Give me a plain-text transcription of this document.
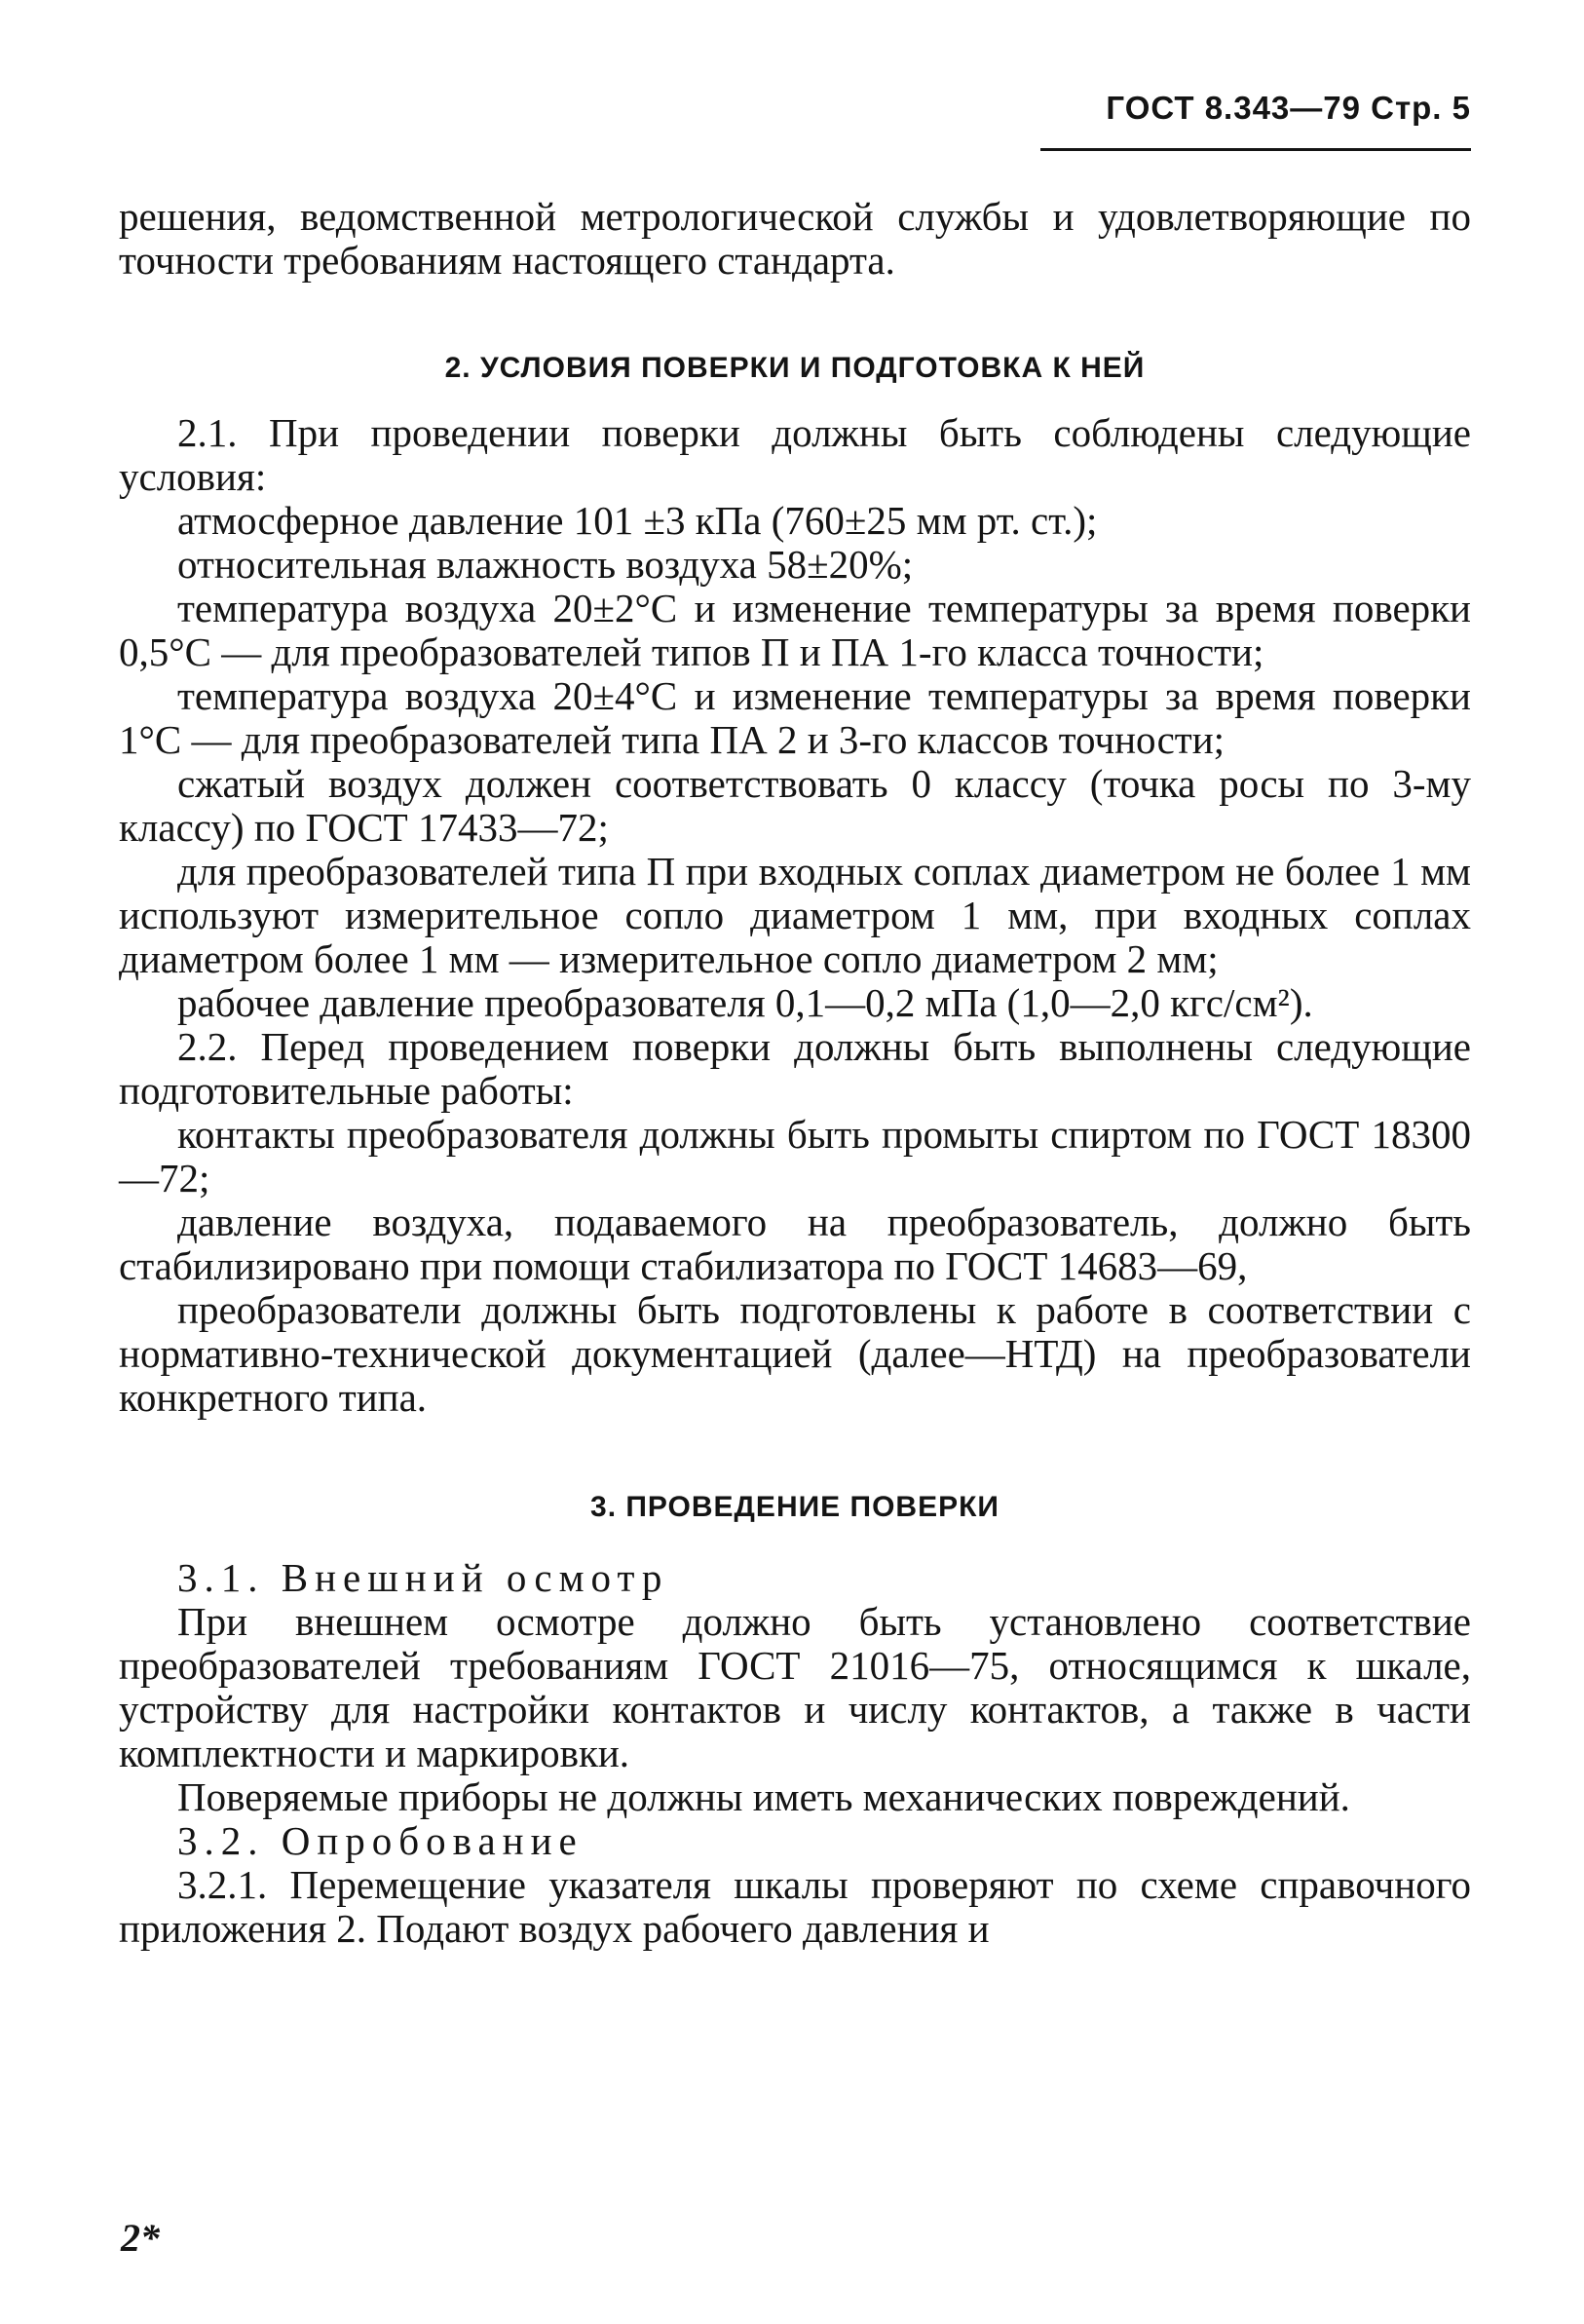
ГОСТ 8.343—79 Стр. 5

решения, ведомственной метрологической службы и удовлетворяющие по точности требованиям настоящего стандарта.

2. УСЛОВИЯ ПОВЕРКИ И ПОДГОТОВКА К НЕЙ

2.1. При проведении поверки должны быть соблюдены следующие условия:

атмосферное давление 101 ±3 кПа (760±25 мм рт. ст.);

относительная влажность воздуха 58±20%;

температура воздуха 20±2°С и изменение температуры за время поверки 0,5°С — для преобразователей типов П и ПА 1-го класса точности;

температура воздуха 20±4°С и изменение температуры за время поверки 1°С — для преобразователей типа ПА 2 и 3-го классов точности;

сжатый воздух должен соответствовать 0 классу (точка росы по 3-му классу) по ГОСТ 17433—72;

для преобразователей типа П при входных соплах диаметром не более 1 мм используют измерительное сопло диаметром 1 мм, при входных соплах диаметром более 1 мм — измерительное сопло диаметром 2 мм;

рабочее давление преобразователя 0,1—0,2 мПа (1,0—2,0 кгс/см²).

2.2. Перед проведением поверки должны быть выполнены следующие подготовительные работы:

контакты преобразователя должны быть промыты спиртом по ГОСТ 18300—72;

давление воздуха, подаваемого на преобразователь, должно быть стабилизировано при помощи стабилизатора по ГОСТ 14683—69,

преобразователи должны быть подготовлены к работе в соответствии с нормативно-технической документацией (далее—НТД) на преобразователи конкретного типа.

3. ПРОВЕДЕНИЕ ПОВЕРКИ

3.1. Внешний осмотр

При внешнем осмотре должно быть установлено соответствие преобразователей требованиям ГОСТ 21016—75, относящимся к шкале, устройству для настройки контактов и числу контактов, а также в части комплектности и маркировки.

Поверяемые приборы не должны иметь механических повреждений.

3.2. Опробование

3.2.1. Перемещение указателя шкалы проверяют по схеме справочного приложения 2. Подают воздух рабочего давления и

2*
